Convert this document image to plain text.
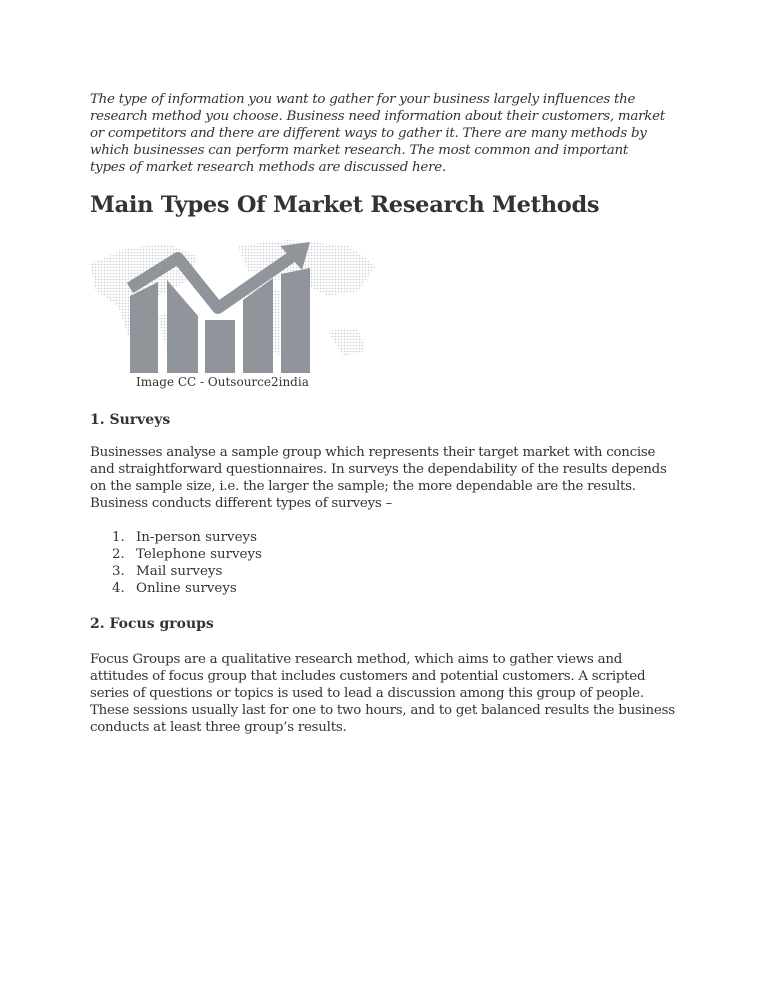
The type of information you want to gather for your business largely influences the
research method you choose. Business need information about their customers, market
or competitors and there are different ways to gather it. There are many methods by
which businesses can perform market research. The most common and important
types of market research methods are discussed here.
Main Types Of Market Research Methods
Image CC - Outsource2india
1. Surveys
Businesses analyse a sample group which represents their target market with concise
and straightforward questionnaires. In surveys the dependability of the results depends
on the sample size, i.e. the larger the sample; the more dependable are the results.
Business conducts different types of surveys –
1. In-person surveys
2. Telephone surveys
3. Mail surveys
4. Online surveys
2. Focus groups
Focus Groups are a qualitative research method, which aims to gather views and
attitudes of focus group that includes customers and potential customers. A scripted
series of questions or topics is used to lead a discussion among this group of people.
These sessions usually last for one to two hours, and to get balanced results the business
conducts at least three group’s results.
